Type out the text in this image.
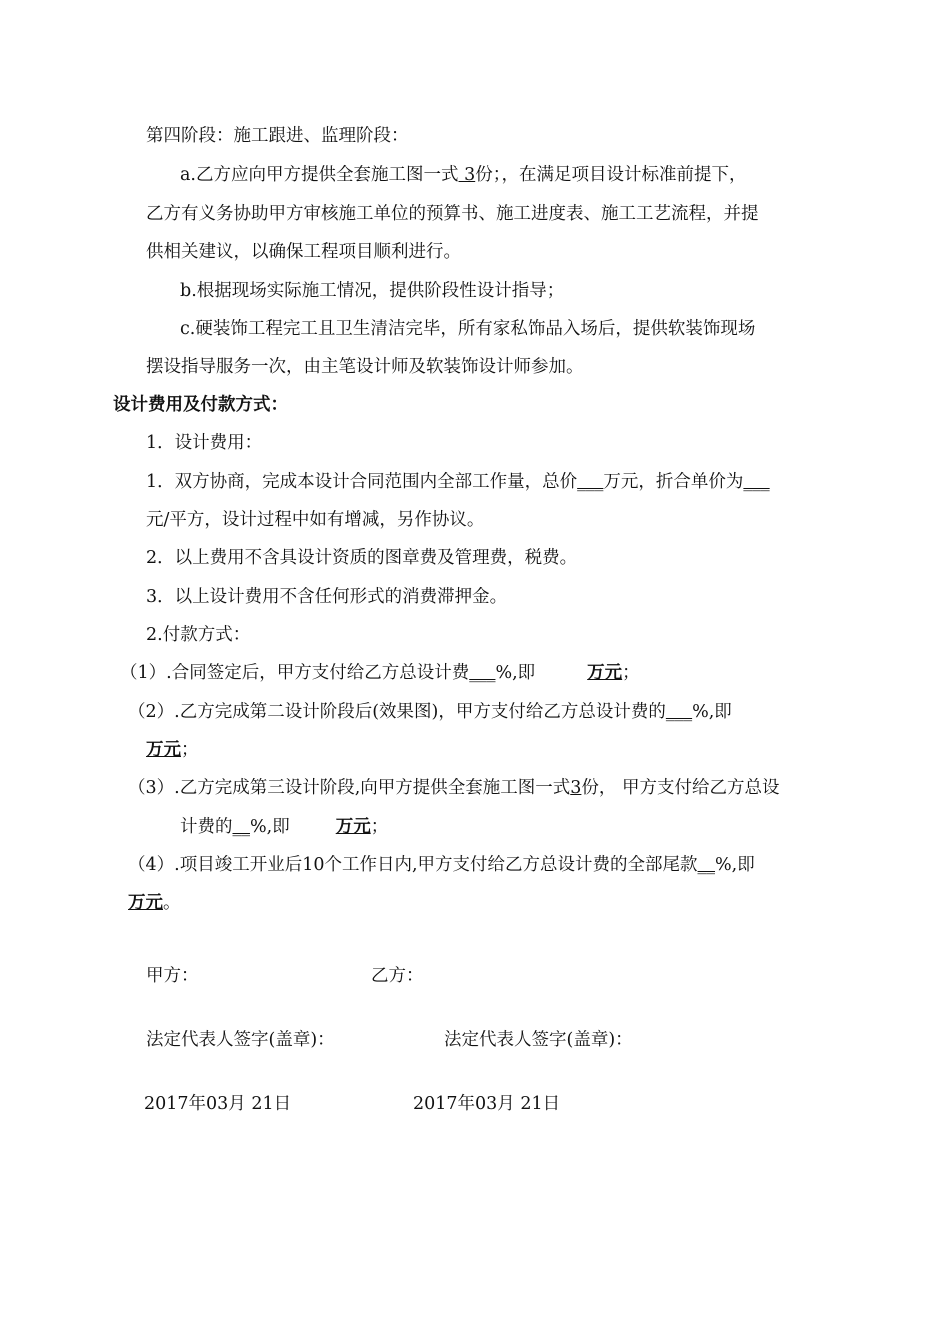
第四阶段：施工跟进、监理阶段：
a.乙方应向甲方提供全套施工图一式 3份；，在满足项目设计标准前提下，
乙方有义务协助甲方审核施工单位的预算书、施工进度表、施工工艺流程，并提
供相关建议，以确保工程项目顺利进行。
b.根据现场实际施工情况，提供阶段性设计指导；
c.硬装饰工程完工且卫生清洁完毕，所有家私饰品入场后，提供软装饰现场
摆设指导服务一次，由主笔设计师及软装饰设计师参加。
设计费用及付款方式：
1．设计费用：
1．双方协商，完成本设计合同范围内全部工作量，总价___万元，折合单价为___
元/平方，设计过程中如有增减，另作协议。
2．以上费用不含具设计资质的图章费及管理费，税费。
3．以上设计费用不含任何形式的消费滞押金。
2.付款方式：
（1）.合同签定后，甲方支付给乙方总设计费___%,即	万元；
（2）.乙方完成第二设计阶段后(效果图)，甲方支付给乙方总设计费的___%,即
万元；
（3）.乙方完成第三设计阶段,向甲方提供全套施工图一式3份， 甲方支付给乙方总设
计费的__%,即	万元；
（4）.项目竣工开业后10个工作日内,甲方支付给乙方总设计费的全部尾款__%,即
万元。
甲方：	乙方：
法定代表人签字(盖章)：	法定代表人签字(盖章)：
2017年03月 21日	2017年03月 21日
